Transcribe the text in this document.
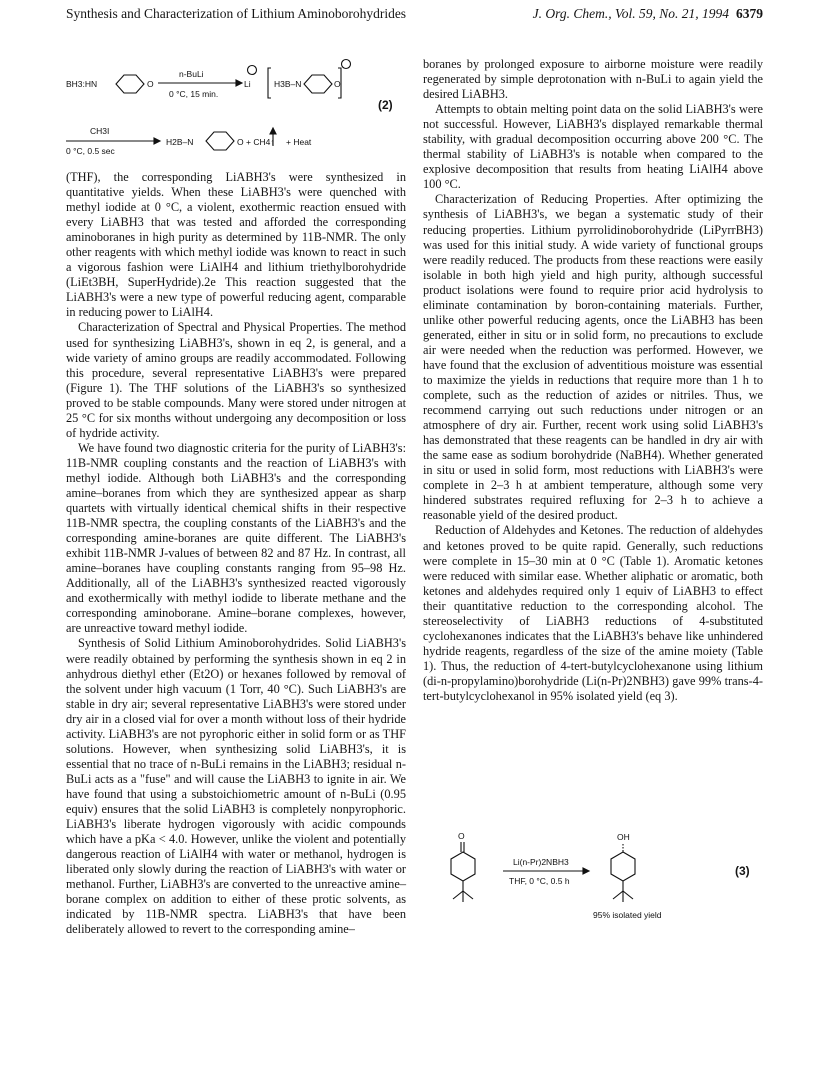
Synthesis and Characterization of Lithium Aminoborohydrides	J. Org. Chem., Vol. 59, No. 21, 1994 6379
BH3:HN	O
n-BuLi
0 °C, 15 min.
Li	H3B–N	O
CH3I
0 °C, 0.5 sec
H2B–N	O + CH4↑ + Heat
(2)

(THF), the corresponding LiABH3's were synthesized in quantitative yields. When these LiABH3's were quenched with methyl iodide at 0 °C, a violent, exothermic reaction ensued with every LiABH3 that was tested and afforded the corresponding aminoboranes in high purity as determined by 11B-NMR. The only other reagents with which methyl iodide was known to react in such a vigorous fashion were LiAlH4 and lithium triethylborohydride (LiEt3BH, SuperHydride).2e This reaction suggested that the LiABH3's were a new type of powerful reducing agent, comparable in reducing power to LiAlH4.

Characterization of Spectral and Physical Properties. The method used for synthesizing LiABH3's, shown in eq 2, is general, and a wide variety of amino groups are readily accommodated. Following this procedure, several representative LiABH3's were prepared (Figure 1). The THF solutions of the LiABH3's so synthesized proved to be stable compounds. Many were stored under nitrogen at 25 °C for six months without undergoing any decomposition or loss of hydride activity.

We have found two diagnostic criteria for the purity of LiABH3's: 11B-NMR coupling constants and the reaction of LiABH3's with methyl iodide. Although both LiABH3's and the corresponding amine–boranes from which they are synthesized appear as sharp quartets with virtually identical chemical shifts in their respective 11B-NMR spectra, the coupling constants of the LiABH3's and the corresponding amine-boranes are quite different. The LiABH3's exhibit 11B-NMR J-values of between 82 and 87 Hz. In contrast, all amine–boranes have coupling constants ranging from 95–98 Hz. Additionally, all of the LiABH3's synthesized reacted vigorously and exothermically with methyl iodide to liberate methane and the corresponding aminoborane. Amine–borane complexes, however, are unreactive toward methyl iodide.

Synthesis of Solid Lithium Aminoborohydrides. Solid LiABH3's were readily obtained by performing the synthesis shown in eq 2 in anhydrous diethyl ether (Et2O) or hexanes followed by removal of the solvent under high vacuum (1 Torr, 40 °C). Such LiABH3's are stable in dry air; several representative LiABH3's were stored under dry air in a closed vial for over a month without loss of their hydride activity. LiABH3's are not pyrophoric either in solid form or as THF solutions. However, when synthesizing solid LiABH3's, it is essential that no trace of n-BuLi remains in the LiABH3; residual n-BuLi acts as a "fuse" and will cause the LiABH3 to ignite in air. We have found that using a substoichiometric amount of n-BuLi (0.95 equiv) ensures that the solid LiABH3 is completely nonpyrophoric. LiABH3's liberate hydrogen vigorously with acidic compounds which have a pKa < 4.0. However, unlike the violent and potentially dangerous reaction of LiAlH4 with water or methanol, hydrogen is liberated only slowly during the reaction of LiABH3's with water or methanol. Further, LiABH3's are converted to the unreactive amine–borane complex on addition to either of these protic solvents, as indicated by 11B-NMR spectra. LiABH3's that have been deliberately allowed to revert to the corresponding amine–

boranes by prolonged exposure to airborne moisture were readily regenerated by simple deprotonation with n-BuLi to again yield the desired LiABH3.

Attempts to obtain melting point data on the solid LiABH3's were not successful. However, LiABH3's displayed remarkable thermal stability, with gradual decomposition occurring above 200 °C. The thermal stability of LiABH3's is notable when compared to the explosive decomposition that results from heating LiAlH4 above 100 °C.

Characterization of Reducing Properties. After optimizing the synthesis of LiABH3's, we began a systematic study of their reducing properties. Lithium pyrrolidinoborohydride (LiPyrrBH3) was used for this initial study. A wide variety of functional groups were readily reduced. The products from these reactions were easily isolable in both high yield and high purity, although successful product isolations were found to require prior acid hydrolysis to eliminate contamination by boron-containing materials. Further, unlike other powerful reducing agents, once the LiABH3 has been generated, either in situ or in solid form, no precautions to exclude air were needed when the reduction was performed. However, we have found that the exclusion of adventitious moisture was essential to maximize the yields in reductions that require more than 1 h to complete, such as the reduction of azides or nitriles. Thus, we recommend carrying out such reductions under nitrogen or an atmosphere of dry air. Further, recent work using solid LiABH3's has demonstrated that these reagents can be handled in dry air with the same ease as sodium borohydride (NaBH4). Whether generated in situ or used in solid form, most reductions with LiABH3's were complete in 2–3 h at ambient temperature, although some very hindered substrates required refluxing for 2–3 h to achieve a reasonable yield of the desired product.

Reduction of Aldehydes and Ketones. The reduction of aldehydes and ketones proved to be quite rapid. Generally, such reductions were complete in 15–30 min at 0 °C (Table 1). Aromatic ketones were reduced with similar ease. Whether aliphatic or aromatic, both ketones and aldehydes required only 1 equiv of LiABH3 to effect their quantitative reduction to the corresponding alcohol. The stereoselectivity of LiABH3 reductions of 4-substituted cyclohexanones indicates that the LiABH3's behave like unhindered hydride reagents, regardless of the size of the amine moiety (Table 1). Thus, the reduction of 4-tert-butylcyclohexanone using lithium (di-n-propylamino)borohydride (Li(n-Pr)2NBH3) gave 99% trans-4-tert-butylcyclohexanol in 95% isolated yield (eq 3).

O	OH
Li(n-Pr)2NBH3
THF, 0 °C, 0.5 h
95% isolated yield
(3)
